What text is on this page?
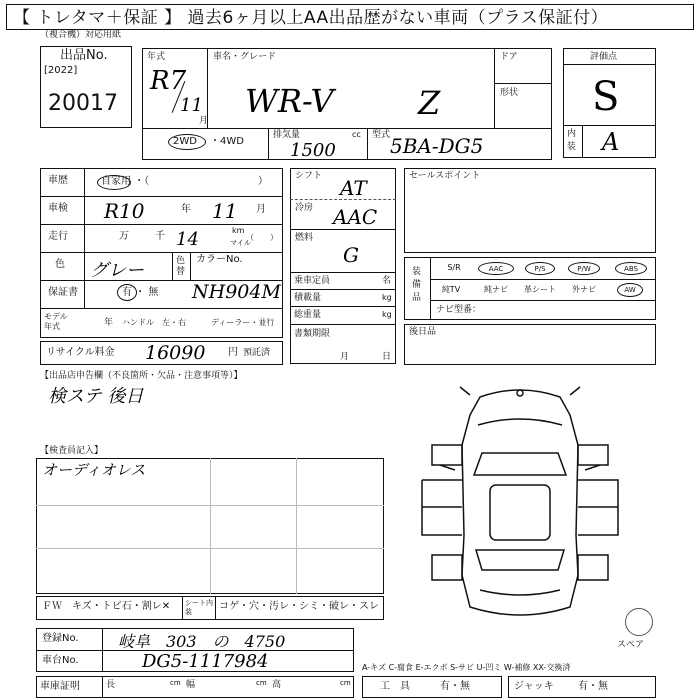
【 トレタマ＋保証 】 過去6ヶ月以上AA出品歴がない車両（プラス保証付）
（複合機）対応用紙
出品No.
[2022]
20017
年式
R7
11
月
車名・グレード
WR-V	Z
ドア
形状
2WD ・4WD
排気量	cc
1500
型式 5BA-DG5
評価点
S
内装 A
車歴	自家用 ・（	）
車検 R10	年 11 月
走行	万	千 14	km
マイル
（　　）
色 グレー	色替
カラーNo.
保証書	有 ・ 無 NH904M
モデル年式	年 ハンドル　左・右	ディーラー・並行
リサイクル料金 16090 円 預託済
シフト AT
冷房 AAC
燃料
G
乗車定員	名
積載量	kg
総重量	kg
書類期限
月	日
セールスポイント
装備品
S/R	AAC	P/S	P/W	ABS
純TV	純ナビ	革シート	外ナビ	AW
ナビ型番：
後日品
【出品店申告欄（不良箇所・欠品・注意事項等）】
検ステ 後日
【検査員記入】
オーディオレス
ＦＷ　キズ・トビ石・割レ✕ シート内装	コゲ・穴・汚レ・シミ・破レ・スレ
登録No. 岐阜　303　の　4750
車台No.	DG5-1117984
車庫証明	長	cm 幅	cm 高	cm
スペア
A-キズ C-腐食 E-エクボ S-サビ U-凹ミ W-補修 XX-交換済
工　具	有・無	ジャッキ 有・無
